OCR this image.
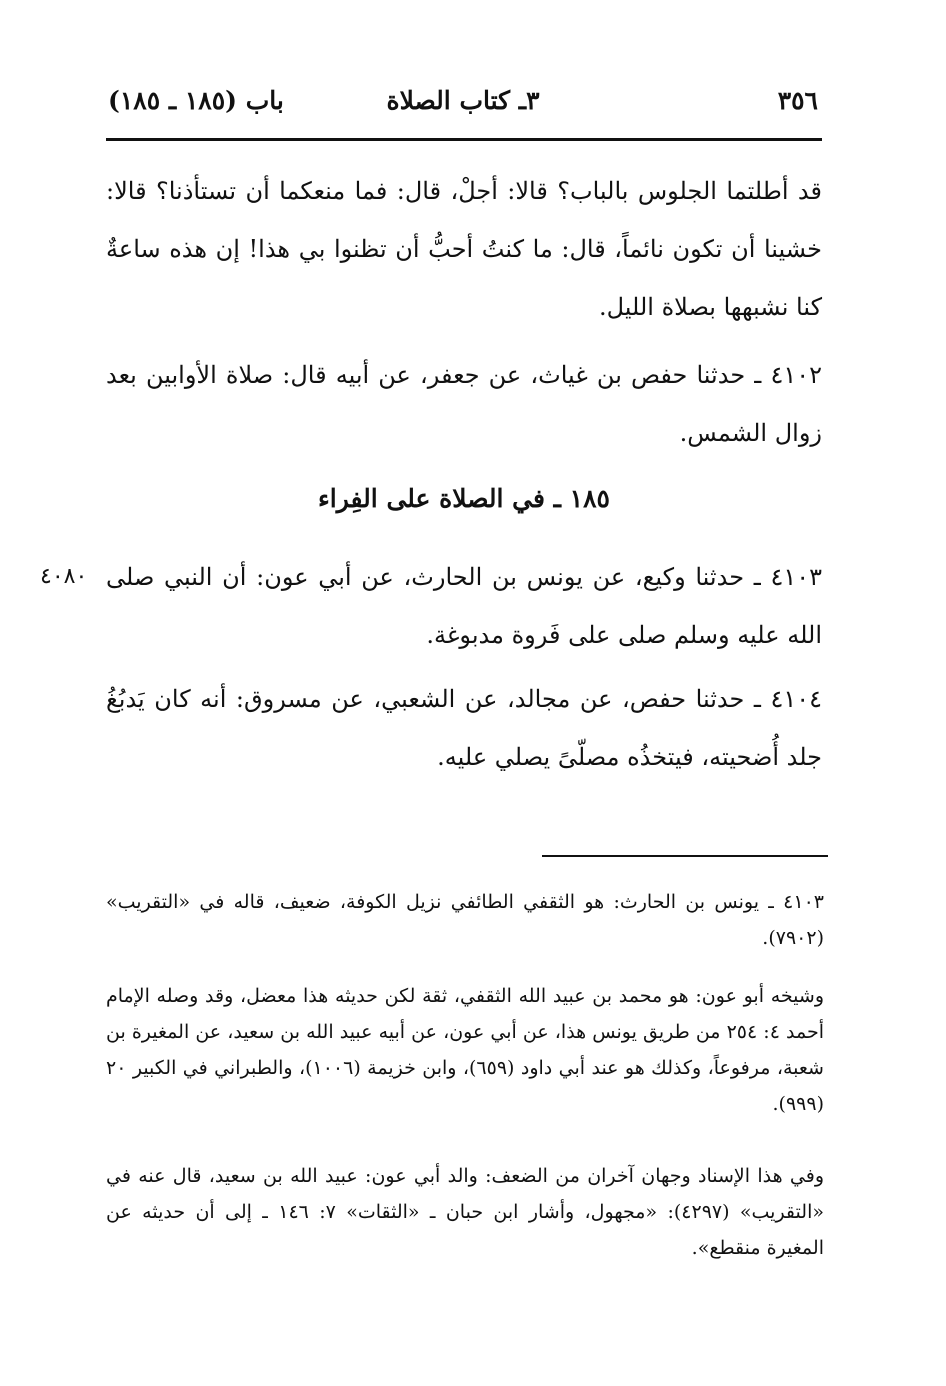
٣٥٦
٣ـ كتاب الصلاة
باب (١٨٥ ـ ١٨٥)

قد أطلتما الجلوس بالباب؟ قالا: أجلْ، قال: فما منعكما أن تستأذنا؟ قالا: خشينا أن تكون نائماً، قال: ما كنتُ أحبُّ أن تظنوا بي هذا! إن هذه ساعةٌ كنا نشبهها بصلاة الليل.

٤١٠٢ ـ حدثنا حفص بن غياث، عن جعفر، عن أبيه قال: صلاة الأوابين بعد زوال الشمس.

١٨٥ ـ في الصلاة على الفِراء
٤٠٨٠ ٤١٠٣ ـ حدثنا وكيع، عن يونس بن الحارث، عن أبي عون: أن النبي صلى الله عليه وسلم صلى على فَروة مدبوغة.

٤١٠٤ ـ حدثنا حفص، عن مجالد، عن الشعبي، عن مسروق: أنه كان يَدبُغُ جلد أُضحيته، فيتخذُه مصلّىً يصلي عليه.

٤١٠٣ ـ يونس بن الحارث: هو الثقفي الطائفي نزيل الكوفة، ضعيف، قاله في «التقريب» (٧٩٠٢).

وشيخه أبو عون: هو محمد بن عبيد الله الثقفي، ثقة لكن حديثه هذا معضل، وقد وصله الإمام أحمد ٤: ٢٥٤ من طريق يونس هذا، عن أبي عون، عن أبيه عبيد الله بن سعيد، عن المغيرة بن شعبة، مرفوعاً، وكذلك هو عند أبي داود (٦٥٩)، وابن خزيمة (١٠٠٦)، والطبراني في الكبير ٢٠ (٩٩٩).

وفي هذا الإسناد وجهان آخران من الضعف: والد أبي عون: عبيد الله بن سعيد، قال عنه في «التقريب» (٤٢٩٧): «مجهول، وأشار ابن حبان ـ «الثقات» ٧: ١٤٦ ـ إلى أن حديثه عن المغيرة منقطع».
